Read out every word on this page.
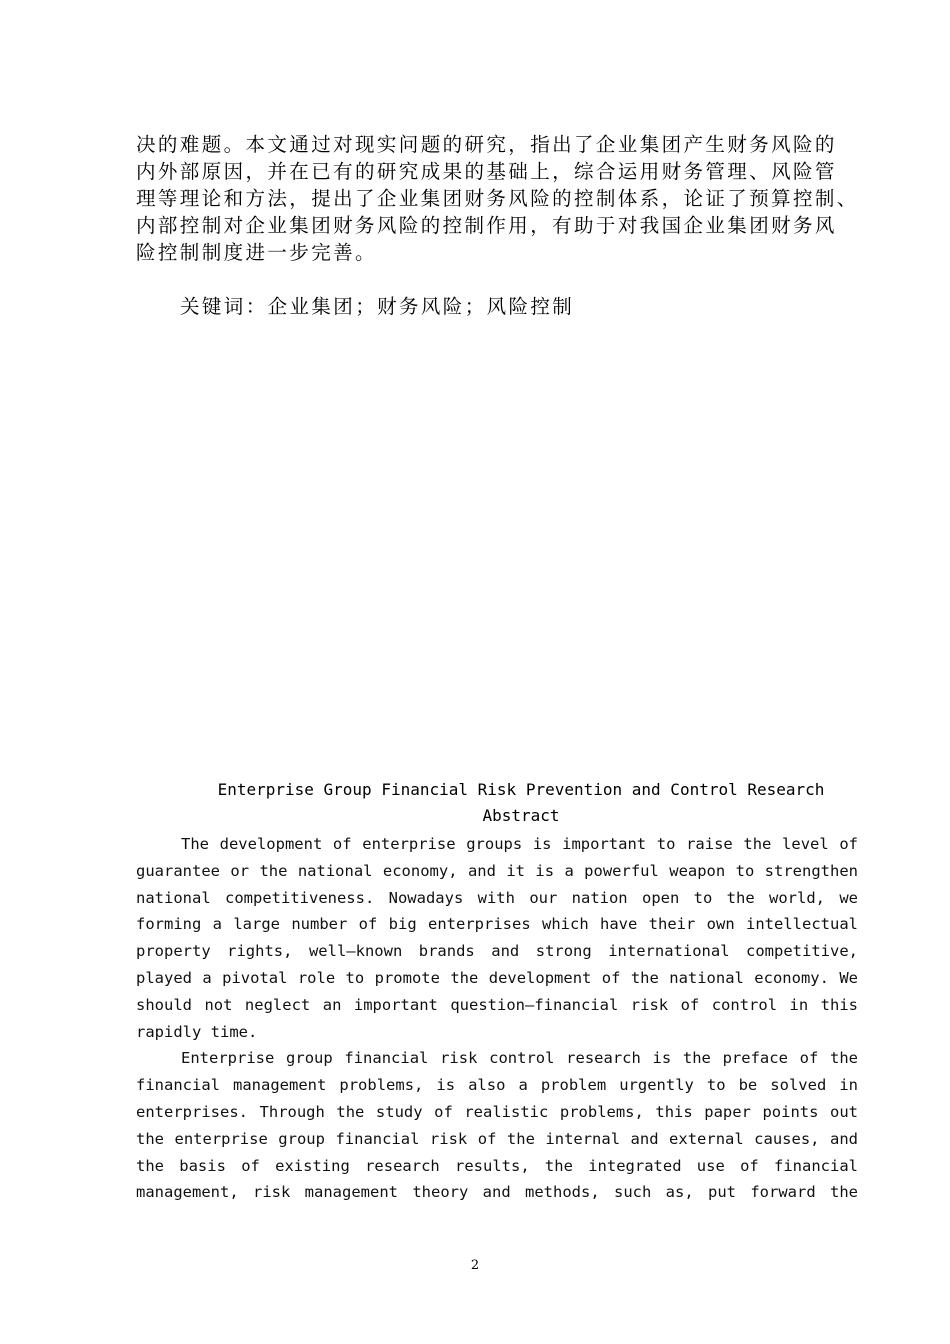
决的难题。本文通过对现实问题的研究，指出了企业集团产生财务风险的
内外部原因，并在已有的研究成果的基础上，综合运用财务管理、风险管
理等理论和方法，提出了企业集团财务风险的控制体系，论证了预算控制、
内部控制对企业集团财务风险的控制作用，有助于对我国企业集团财务风
险控制制度进一步完善。
关键词：企业集团；财务风险；风险控制
Enterprise Group Financial Risk Prevention and Control Research
Abstract
The development of enterprise groups is important to raise the level of
guarantee or the national economy, and it is a powerful weapon to strengthen
national competitiveness. Nowadays with our nation open to the world, we
forming a large number of big enterprises which have their own intellectual
property rights, well—known brands and strong international competitive,
played a pivotal role to promote the development of the national economy. We
should not neglect an important question—financial risk of control in this
rapidly time.
Enterprise group financial risk control research is the preface of the
financial management problems, is also a problem urgently to be solved in
enterprises. Through the study of realistic problems, this paper points out
the enterprise group financial risk of the internal and external causes, and
the basis of existing research results, the integrated use of financial
management, risk management theory and methods, such as, put forward the
2
